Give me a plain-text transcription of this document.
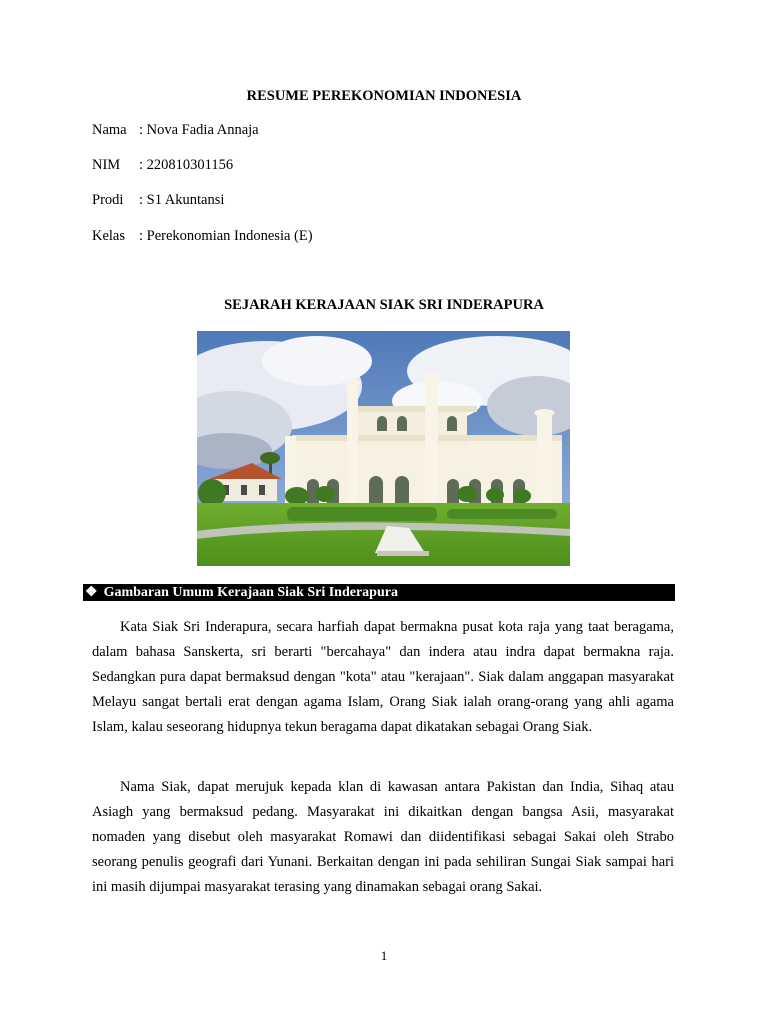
RESUME PEREKONOMIAN INDONESIA
Nama : Nova Fadia Annaja
NIM : 220810301156
Prodi : S1 Akuntansi
Kelas : Perekonomian Indonesia (E)
SEJARAH KERAJAAN SIAK SRI INDERAPURA
❖ Gambaran Umum Kerajaan Siak Sri Inderapura

Kata Siak Sri Inderapura, secara harfiah dapat bermakna pusat kota raja yang taat beragama, dalam bahasa Sanskerta, sri berarti "bercahaya" dan indera atau indra dapat bermakna raja. Sedangkan pura dapat bermaksud dengan "kota" atau "kerajaan". Siak dalam anggapan masyarakat Melayu sangat bertali erat dengan agama Islam, Orang Siak ialah orang-orang yang ahli agama Islam, kalau seseorang hidupnya tekun beragama dapat dikatakan sebagai Orang Siak.

Nama Siak, dapat merujuk kepada klan di kawasan antara Pakistan dan India, Sihaq atau Asiagh yang bermaksud pedang. Masyarakat ini dikaitkan dengan bangsa Asii, masyarakat nomaden yang disebut oleh masyarakat Romawi dan diidentifikasi sebagai Sakai oleh Strabo seorang penulis geografi dari Yunani. Berkaitan dengan ini pada sehiliran Sungai Siak sampai hari ini masih dijumpai masyarakat terasing yang dinamakan sebagai orang Sakai.

1
